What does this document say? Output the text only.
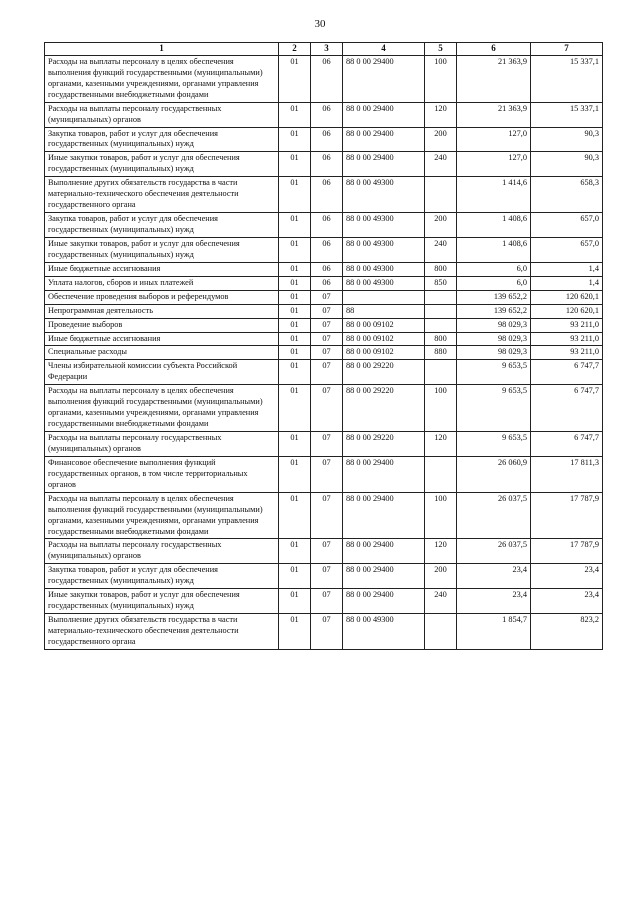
30
1	2	3	4	5	6	7
Расходы на выплаты персоналу в целях обеспечения выполнения функций государственными (муниципальными) органами, казенными учреждениями, органами управления государственными внебюджетными фондами	01	06	88 0 00 29400	100	21 363,9	15 337,1
Расходы на выплаты персоналу государственных (муниципальных) органов	01	06	88 0 00 29400	120	21 363,9	15 337,1
Закупка товаров, работ и услуг для обеспечения государственных (муниципальных) нужд	01	06	88 0 00 29400	200	127,0	90,3
Иные закупки товаров, работ и услуг для обеспечения государственных (муниципальных) нужд	01	06	88 0 00 29400	240	127,0	90,3
Выполнение других обязательств государства в части материально-технического обеспечения деятельности государственного органа	01	06	88 0 00 49300		1 414,6	658,3
Закупка товаров, работ и услуг для обеспечения государственных (муниципальных) нужд	01	06	88 0 00 49300	200	1 408,6	657,0
Иные закупки товаров, работ и услуг для обеспечения государственных (муниципальных) нужд	01	06	88 0 00 49300	240	1 408,6	657,0
Иные бюджетные ассигнования	01	06	88 0 00 49300	800	6,0	1,4
Уплата налогов, сборов и иных платежей	01	06	88 0 00 49300	850	6,0	1,4
Обеспечение проведения выборов и референдумов	01	07			139 652,2	120 620,1
Непрограммная деятельность	01	07	88		139 652,2	120 620,1
Проведение выборов	01	07	88 0 00 09102		98 029,3	93 211,0
Иные бюджетные ассигнования	01	07	88 0 00 09102	800	98 029,3	93 211,0
Специальные расходы	01	07	88 0 00 09102	880	98 029,3	93 211,0
Члены избирательной комиссии субъекта Российской Федерации	01	07	88 0 00 29220		9 653,5	6 747,7
Расходы на выплаты персоналу в целях обеспечения выполнения функций государственными (муниципальными) органами, казенными учреждениями, органами управления государственными внебюджетными фондами	01	07	88 0 00 29220	100	9 653,5	6 747,7
Расходы на выплаты персоналу государственных (муниципальных) органов	01	07	88 0 00 29220	120	9 653,5	6 747,7
Финансовое обеспечение выполнения функций государственных органов, в том числе территориальных органов	01	07	88 0 00 29400		26 060,9	17 811,3
Расходы на выплаты персоналу в целях обеспечения выполнения функций государственными (муниципальными) органами, казенными учреждениями, органами управления государственными внебюджетными фондами	01	07	88 0 00 29400	100	26 037,5	17 787,9
Расходы на выплаты персоналу государственных (муниципальных) органов	01	07	88 0 00 29400	120	26 037,5	17 787,9
Закупка товаров, работ и услуг для обеспечения государственных (муниципальных) нужд	01	07	88 0 00 29400	200	23,4	23,4
Иные закупки товаров, работ и услуг для обеспечения государственных (муниципальных) нужд	01	07	88 0 00 29400	240	23,4	23,4
Выполнение других обязательств государства в части материально-технического обеспечения деятельности государственного органа	01	07	88 0 00 49300		1 854,7	823,2
